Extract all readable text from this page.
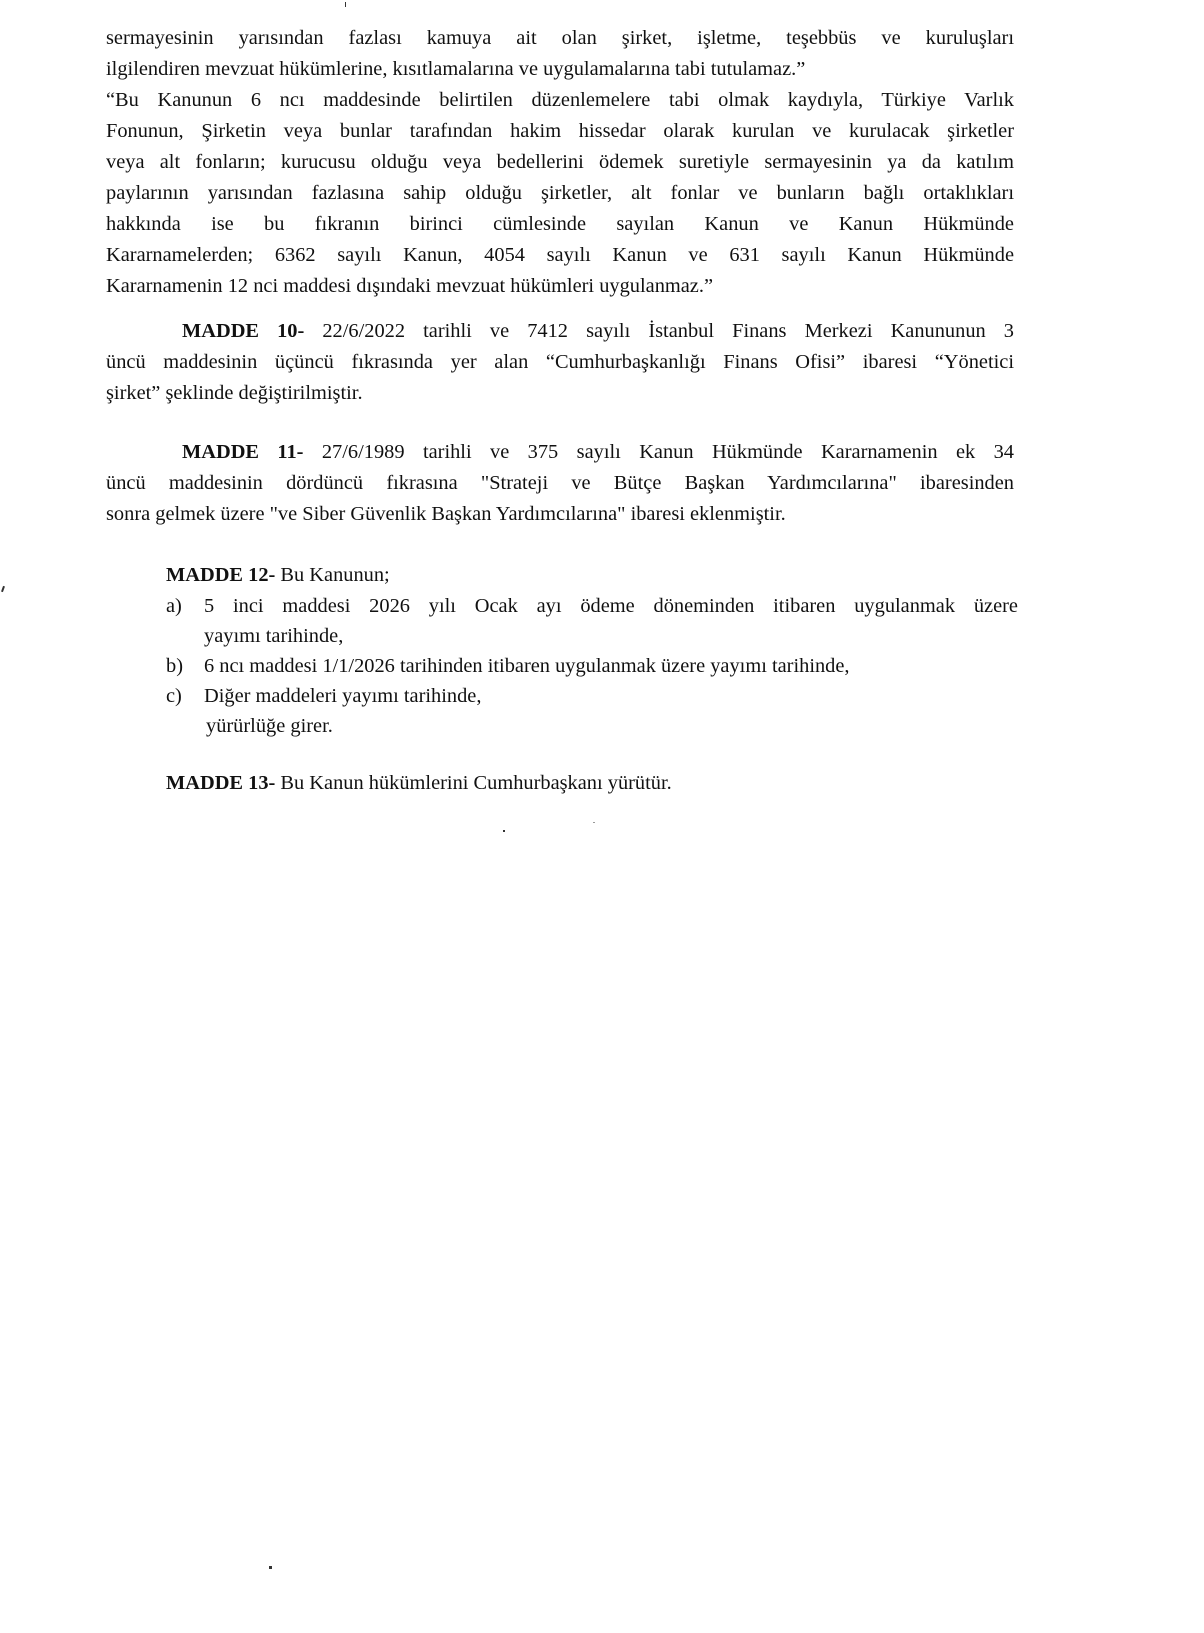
sermayesinin yarısından fazlası kamuya ait olan şirket, işletme, teşebbüs ve kuruluşları
ilgilendiren mevzuat hükümlerine, kısıtlamalarına ve uygulamalarına tabi tutulamaz.”
“Bu Kanunun 6 ncı maddesinde belirtilen düzenlemelere tabi olmak kaydıyla, Türkiye Varlık
Fonunun, Şirketin veya bunlar tarafından hakim hissedar olarak kurulan ve kurulacak şirketler
veya alt fonların; kurucusu olduğu veya bedellerini ödemek suretiyle sermayesinin ya da katılım
paylarının yarısından fazlasına sahip olduğu şirketler, alt fonlar ve bunların bağlı ortaklıkları
hakkında ise bu fıkranın birinci cümlesinde sayılan Kanun ve Kanun Hükmünde
Kararnamelerden; 6362 sayılı Kanun, 4054 sayılı Kanun ve 631 sayılı Kanun Hükmünde
Kararnamenin 12 nci maddesi dışındaki mevzuat hükümleri uygulanmaz.”
MADDE 10- 22/6/2022 tarihli ve 7412 sayılı İstanbul Finans Merkezi Kanununun 3
üncü maddesinin üçüncü fıkrasında yer alan “Cumhurbaşkanlığı Finans Ofisi” ibaresi “Yönetici
şirket” şeklinde değiştirilmiştir.
MADDE 11- 27/6/1989 tarihli ve 375 sayılı Kanun Hükmünde Kararnamenin ek 34
üncü maddesinin dördüncü fıkrasına "Strateji ve Bütçe Başkan Yardımcılarına" ibaresinden
sonra gelmek üzere "ve Siber Güvenlik Başkan Yardımcılarına" ibaresi eklenmiştir.
MADDE 12- Bu Kanunun;
a)	5 inci maddesi 2026 yılı Ocak ayı ödeme döneminden itibaren uygulanmak üzere
yayımı tarihinde,
b)	6 ncı maddesi 1/1/2026 tarihinden itibaren uygulanmak üzere yayımı tarihinde,
c)	Diğer maddeleri yayımı tarihinde,
yürürlüğe girer.
MADDE 13- Bu Kanun hükümlerini Cumhurbaşkanı yürütür.
